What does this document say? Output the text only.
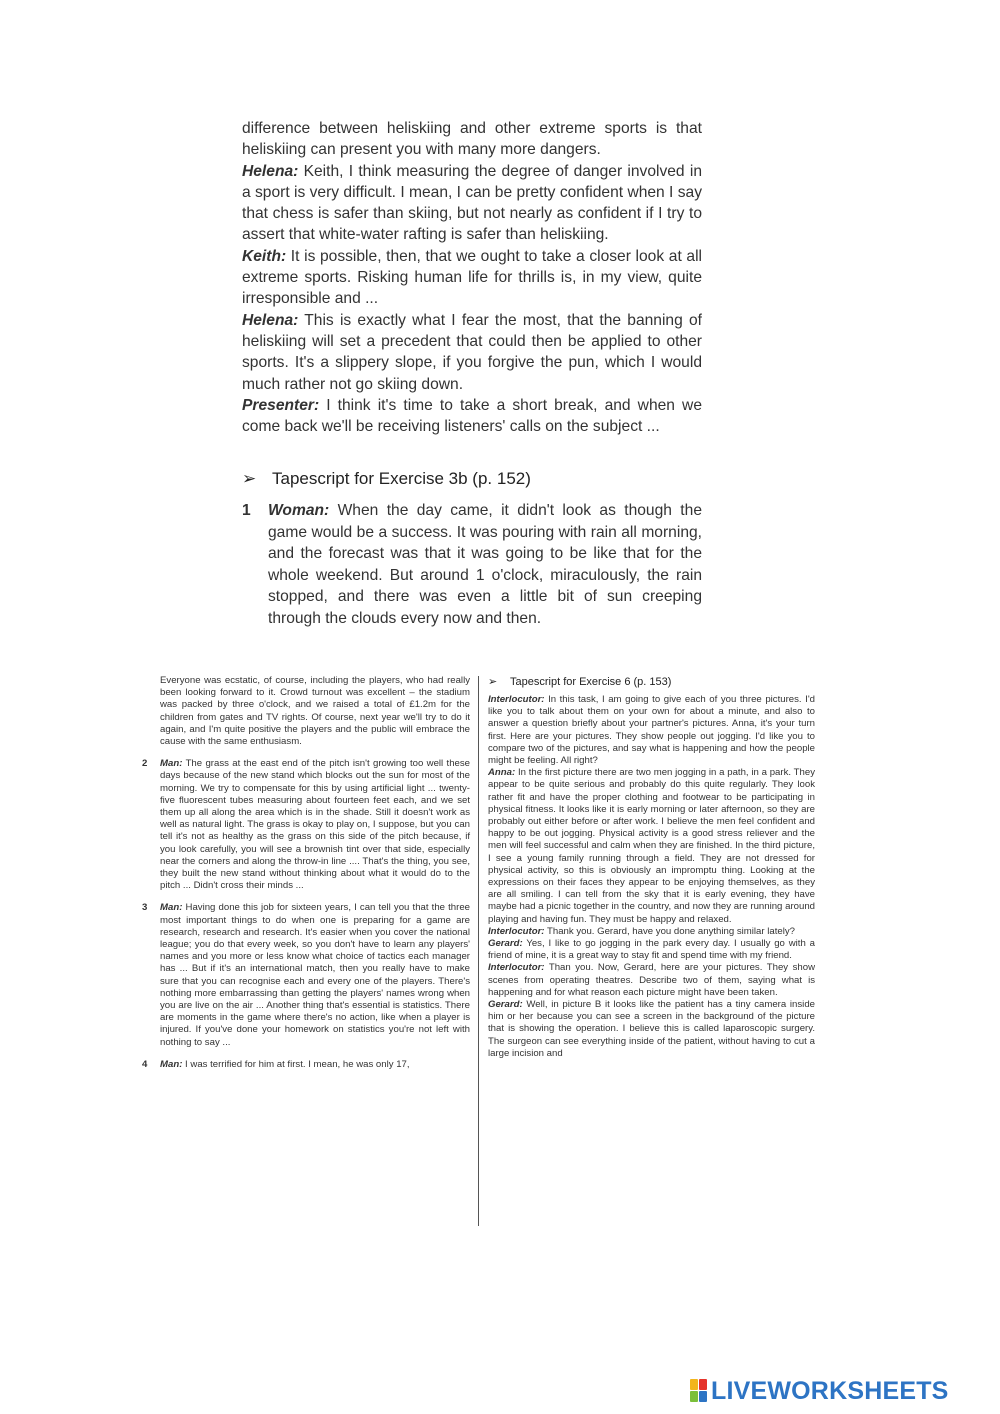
difference between heliskiing and other extreme sports is that heliskiing can present you with many more dangers.

Helena: Keith, I think measuring the degree of danger involved in a sport is very difficult. I mean, I can be pretty confident when I say that chess is safer than skiing, but not nearly as confident if I try to assert that white-water rafting is safer than heliskiing.

Keith: It is possible, then, that we ought to take a closer look at all extreme sports. Risking human life for thrills is, in my view, quite irresponsible and ...

Helena: This is exactly what I fear the most, that the banning of heliskiing will set a precedent that could then be applied to other sports. It's a slippery slope, if you forgive the pun, which I would much rather not go skiing down.

Presenter: I think it's time to take a short break, and when we come back we'll be receiving listeners' calls on the subject ...

➢ Tapescript for Exercise 3b (p. 152)
1	Woman: When the day came, it didn't look as though the game would be a success. It was pouring with rain all morning, and the forecast was that it was going to be like that for the whole weekend. But around 1 o'clock, miraculously, the rain stopped, and there was even a little bit of sun creeping through the clouds every now and then.

Everyone was ecstatic, of course, including the players, who had really been looking forward to it. Crowd turnout was excellent – the stadium was packed by three o'clock, and we raised a total of £1.2m for the children from gates and TV rights. Of course, next year we'll try to do it again, and I'm quite positive the players and the public will embrace the cause with the same enthusiasm.

2 Man: The grass at the east end of the pitch isn't growing too well these days because of the new stand which blocks out the sun for most of the morning. We try to compensate for this by using artificial light ... twenty-five fluorescent tubes measuring about fourteen feet each, and we set them up all along the area which is in the shade. Still it doesn't work as well as natural light. The grass is okay to play on, I suppose, but you can tell it's not as healthy as the grass on this side of the pitch because, if you look carefully, you will see a brownish tint over that side, especially near the corners and along the throw-in line .... That's the thing, you see, they built the new stand without thinking about what it would do to the pitch ... Didn't cross their minds ...

3 Man: Having done this job for sixteen years, I can tell you that the three most important things to do when one is preparing for a game are research, research and research. It's easier when you cover the national league; you do that every week, so you don't have to learn any players' names and you more or less know what choice of tactics each manager has ... But if it's an international match, then you really have to make sure that you can recognise each and every one of the players. There's nothing more embarrassing than getting the players' names wrong when you are live on the air ... Another thing that's essential is statistics. There are moments in the game where there's no action, like when a player is injured. If you've done your homework on statistics you're not left with nothing to say ...

4 Man: I was terrified for him at first. I mean, he was only 17,

➢ Tapescript for Exercise 6 (p. 153)

Interlocutor: In this task, I am going to give each of you three pictures. I'd like you to talk about them on your own for about a minute, and also to answer a question briefly about your partner's pictures. Anna, it's your turn first. Here are your pictures. They show people out jogging. I'd like you to compare two of the pictures, and say what is happening and how the people might be feeling. All right?

Anna: In the first picture there are two men jogging in a path, in a park. They appear to be quite serious and probably do this quite regularly. They look rather fit and have the proper clothing and footwear to be participating in physical fitness. It looks like it is early morning or later afternoon, so they are probably out either before or after work. I believe the men feel confident and happy to be out jogging. Physical activity is a good stress reliever and the men will feel successful and calm when they are finished. In the third picture, I see a young family running through a field. They are not dressed for physical activity, so this is obviously an impromptu thing. Looking at the expressions on their faces they appear to be enjoying themselves, as they are all smiling. I can tell from the sky that it is early evening, they have maybe had a picnic together in the country, and now they are running around playing and having fun. They must be happy and relaxed.

Interlocutor: Thank you. Gerard, have you done anything similar lately?

Gerard: Yes, I like to go jogging in the park every day. I usually go with a friend of mine, it is a great way to stay fit and spend time with my friend.

Interlocutor: Than you. Now, Gerard, here are your pictures. They show scenes from operating theatres. Describe two of them, saying what is happening and for what reason each picture might have been taken.

Gerard: Well, in picture B it looks like the patient has a tiny camera inside him or her because you can see a screen in the background of the picture that is showing the operation. I believe this is called laparoscopic surgery. The surgeon can see everything inside of the patient, without having to cut a large incision and

LIVEWORKSHEETS
